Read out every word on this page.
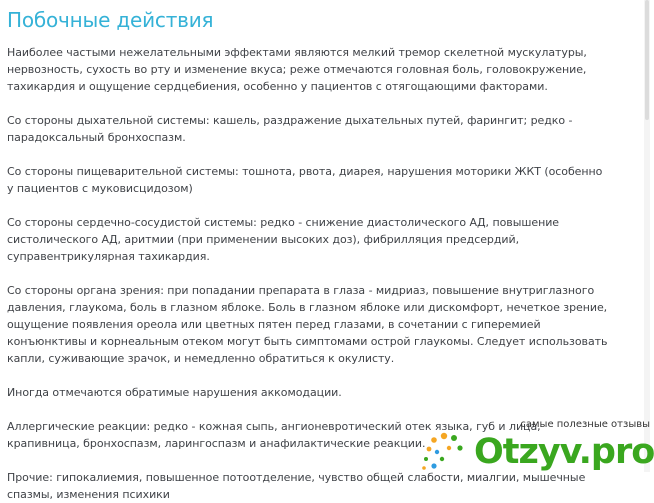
Побочные действия

Наиболее частыми нежелательными эффектами являются мелкий тремор скелетной мускулатуры, нервозность, сухость во рту и изменение вкуса; реже отмечаются головная боль, головокружение, тахикардия и ощущение сердцебиения, особенно у пациентов с отягощающими факторами.

Со стороны дыхательной системы: кашель, раздражение дыхательных путей, фарингит; редко - парадоксальный бронхоспазм.

Со стороны пищеварительной системы: тошнота, рвота, диарея, нарушения моторики ЖКТ (особенно у пациентов с муковисцидозом)

Со стороны сердечно-сосудистой системы: редко - снижение диастолического АД, повышение систолического АД, аритмии (при применении высоких доз), фибрилляция предсердий, суправентрикулярная тахикардия.

Со стороны органа зрения: при попадании препарата в глаза - мидриаз, повышение внутриглазного давления, глаукома, боль в глазном яблоке. Боль в глазном яблоке или дискомфорт, нечеткое зрение, ощущение появления ореола или цветных пятен перед глазами, в сочетании с гиперемией конъюнктивы и корнеальным отеком могут быть симптомами острой глаукомы. Следует использовать капли, суживающие зрачок, и немедленно обратиться к окулисту.

Иногда отмечаются обратимые нарушения аккомодации.

Аллергические реакции: редко - кожная сыпь, ангионевротический отек языка, губ и лица, крапивница, бронхоспазм, ларингоспазм и анафилактические реакции.

Прочие: гипокалиемия, повышенное потоотделение, чувство общей слабости, миалгии, мышечные спазмы, изменения психики

самые полезные отзывы
Otzyv.pro
